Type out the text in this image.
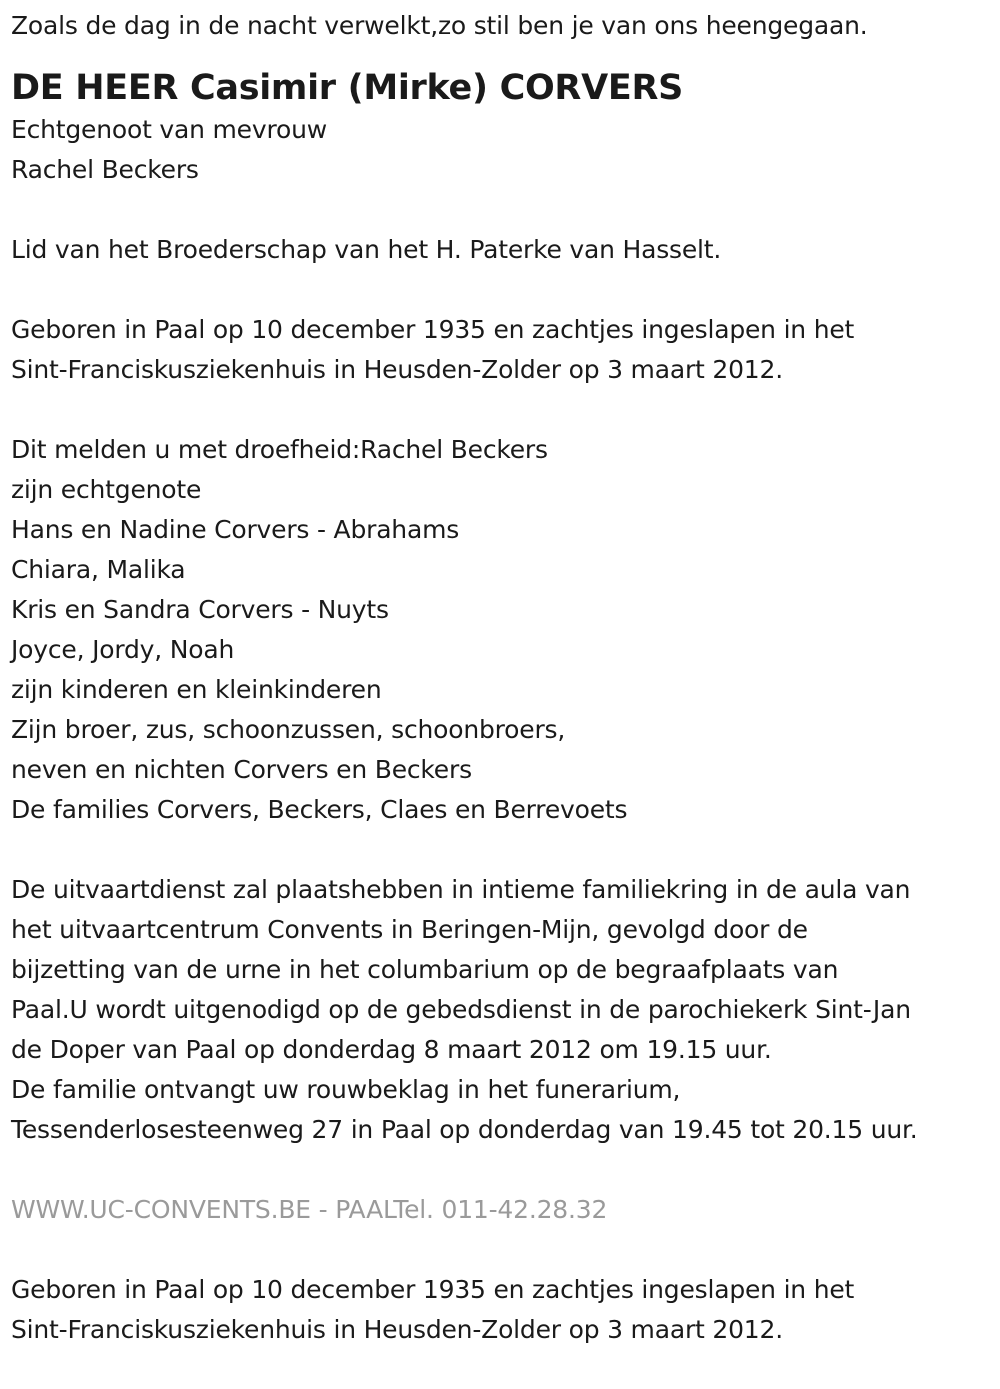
Zoals de dag in de nacht verwelkt,zo stil ben je van ons heengegaan.
DE HEER Casimir (Mirke) CORVERS
Echtgenoot van mevrouw
Rachel Beckers
Lid van het Broederschap van het H. Paterke van Hasselt.
Geboren in Paal op 10 december 1935 en zachtjes ingeslapen in het
Sint-Franciskusziekenhuis in Heusden-Zolder op 3 maart 2012.
Dit melden u met droefheid:Rachel Beckers
zijn echtgenote
Hans en Nadine Corvers - Abrahams
Chiara, Malika
Kris en Sandra Corvers - Nuyts
Joyce, Jordy, Noah
zijn kinderen en kleinkinderen
Zijn broer, zus, schoonzussen, schoonbroers,
neven en nichten Corvers en Beckers
De families Corvers, Beckers, Claes en Berrevoets
De uitvaartdienst zal plaatshebben in intieme familiekring in de aula van
het uitvaartcentrum Convents in Beringen-Mijn, gevolgd door de
bijzetting van de urne in het columbarium op de begraafplaats van
Paal.U wordt uitgenodigd op de gebedsdienst in de parochiekerk Sint-Jan
de Doper van Paal op donderdag 8 maart 2012 om 19.15 uur.
De familie ontvangt uw rouwbeklag in het funerarium,
Tessenderlosesteenweg 27 in Paal op donderdag van 19.45 tot 20.15 uur.
WWW.UC-CONVENTS.BE - PAALTel. 011-42.28.32
Geboren in Paal op 10 december 1935 en zachtjes ingeslapen in het
Sint-Franciskusziekenhuis in Heusden-Zolder op 3 maart 2012.
